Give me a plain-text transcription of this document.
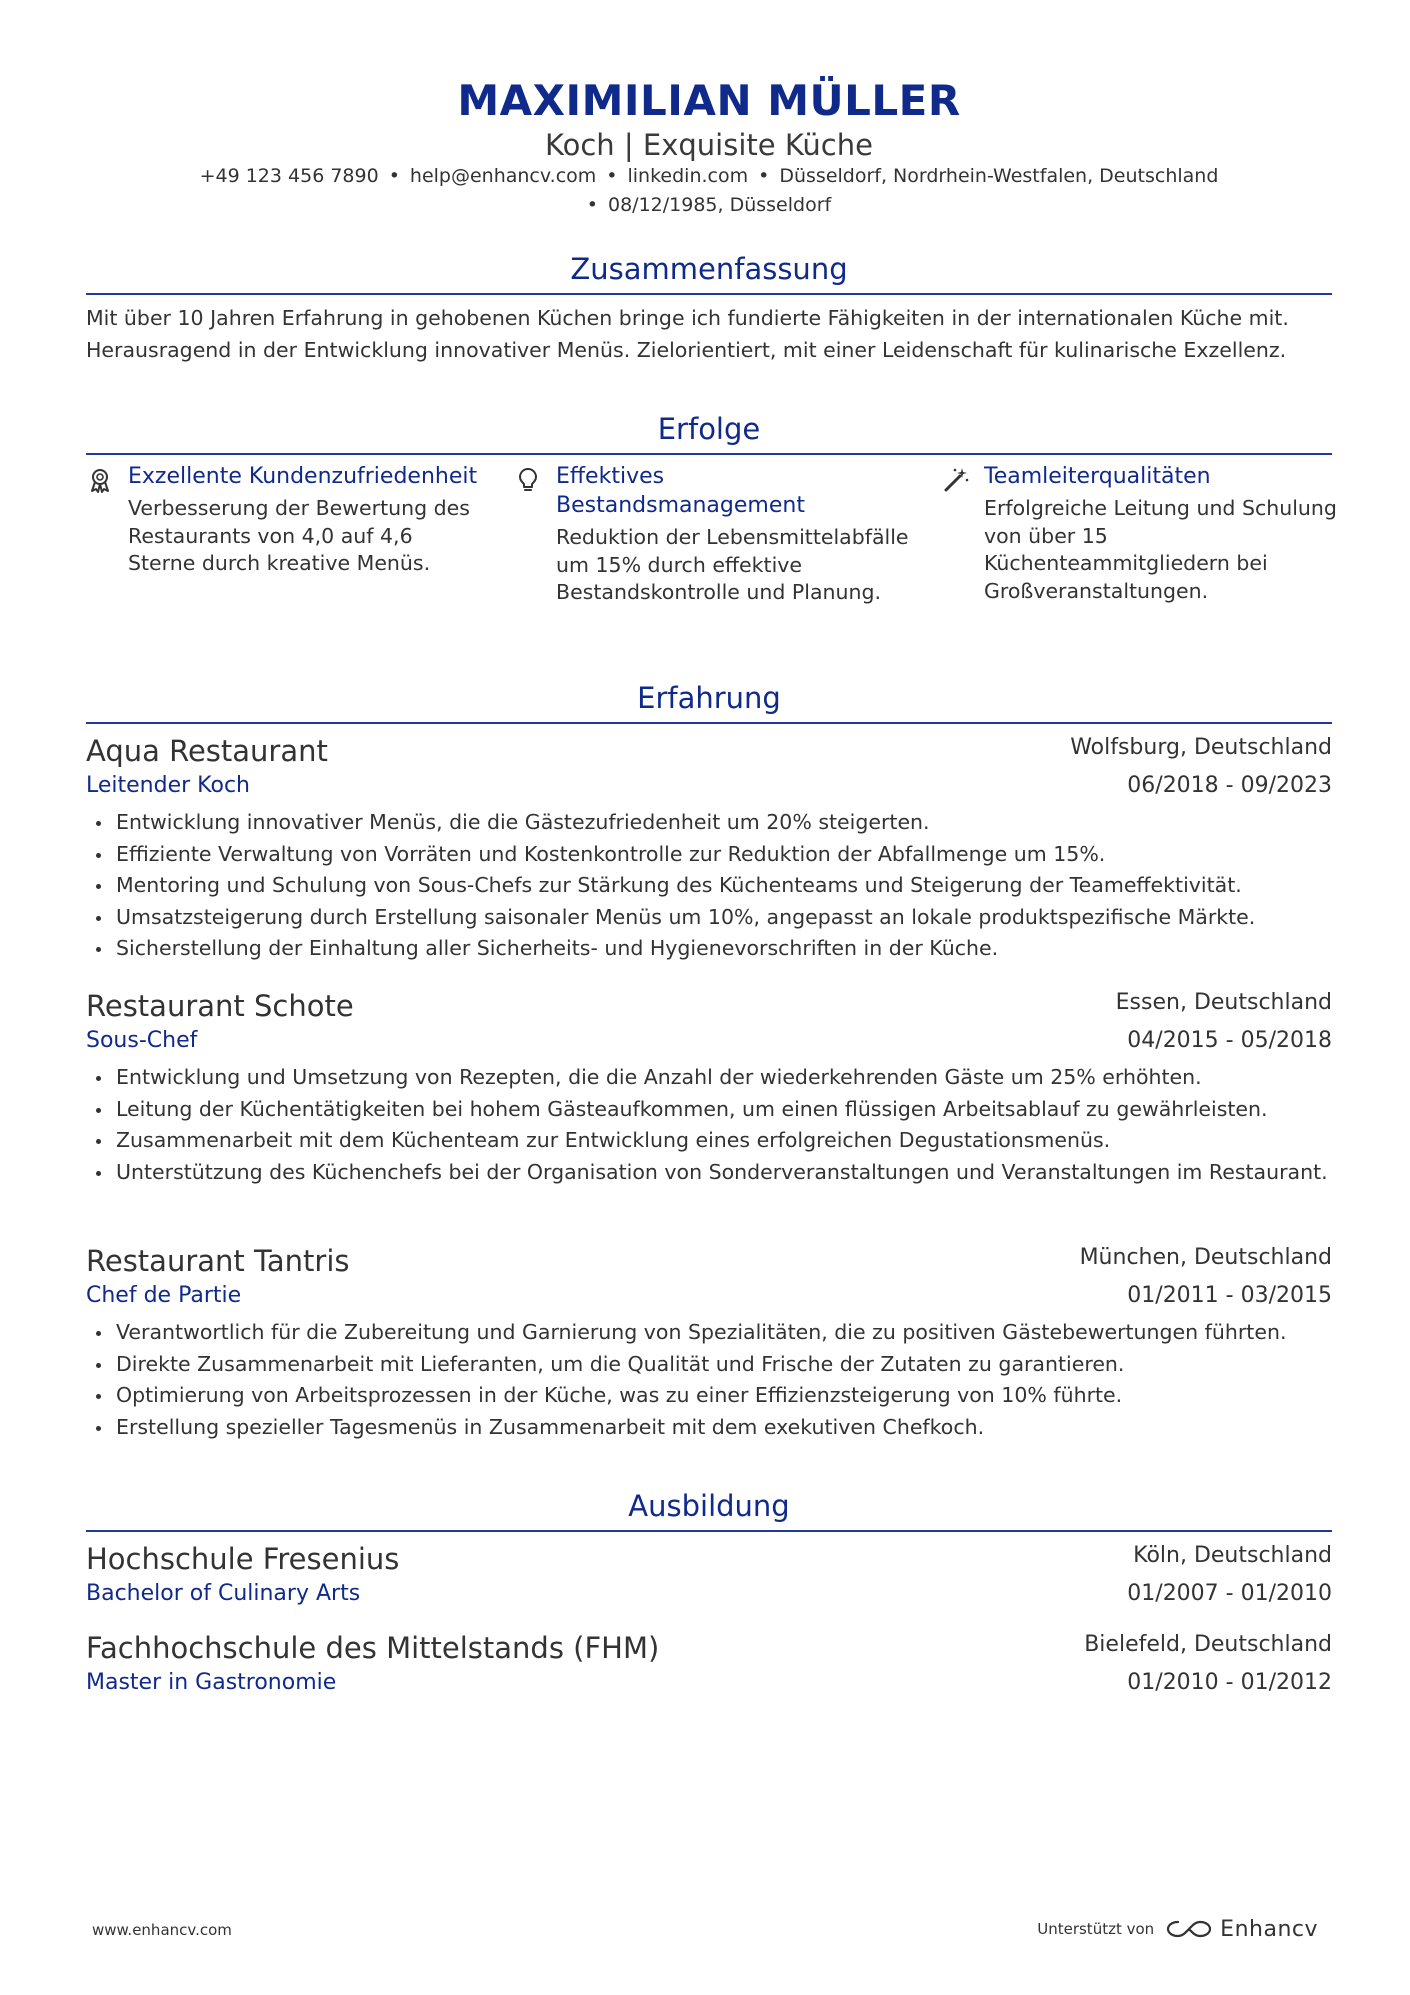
MAXIMILIAN MÜLLER
Koch | Exquisite Küche
+49 123 456 7890 • help@enhancv.com • linkedin.com • Düsseldorf, Nordrhein-Westfalen, Deutschland
• 08/12/1985, Düsseldorf
Zusammenfassung
Mit über 10 Jahren Erfahrung in gehobenen Küchen bringe ich fundierte Fähigkeiten in der internationalen Küche mit. Herausragend in der Entwicklung innovativer Menüs. Zielorientiert, mit einer Leidenschaft für kulinarische Exzellenz.
Erfolge
Exzellente Kundenzufriedenheit
Verbesserung der Bewertung des Restaurants von 4,0 auf 4,6 Sterne durch kreative Menüs.
Effektives Bestandsmanagement
Reduktion der Lebensmittelabfälle um 15% durch effektive Bestandskontrolle und Planung.
Teamleiterqualitäten
Erfolgreiche Leitung und Schulung von über 15 Küchenteammitgliedern bei Großveranstaltungen.
Erfahrung
Aqua Restaurant	Wolfsburg, Deutschland
Leitender Koch	06/2018 - 09/2023
Entwicklung innovativer Menüs, die die Gästezufriedenheit um 20% steigerten.
Effiziente Verwaltung von Vorräten und Kostenkontrolle zur Reduktion der Abfallmenge um 15%.
Mentoring und Schulung von Sous-Chefs zur Stärkung des Küchenteams und Steigerung der Teameffektivität.
Umsatzsteigerung durch Erstellung saisonaler Menüs um 10%, angepasst an lokale produktspezifische Märkte.
Sicherstellung der Einhaltung aller Sicherheits- und Hygienevorschriften in der Küche.
Restaurant Schote	Essen, Deutschland
Sous-Chef	04/2015 - 05/2018
Entwicklung und Umsetzung von Rezepten, die die Anzahl der wiederkehrenden Gäste um 25% erhöhten.
Leitung der Küchentätigkeiten bei hohem Gästeaufkommen, um einen flüssigen Arbeitsablauf zu gewährleisten.
Zusammenarbeit mit dem Küchenteam zur Entwicklung eines erfolgreichen Degustationsmenüs.
Unterstützung des Küchenchefs bei der Organisation von Sonderveranstaltungen und Veranstaltungen im Restaurant.
Restaurant Tantris	München, Deutschland
Chef de Partie	01/2011 - 03/2015
Verantwortlich für die Zubereitung und Garnierung von Spezialitäten, die zu positiven Gästebewertungen führten.
Direkte Zusammenarbeit mit Lieferanten, um die Qualität und Frische der Zutaten zu garantieren.
Optimierung von Arbeitsprozessen in der Küche, was zu einer Effizienzsteigerung von 10% führte.
Erstellung spezieller Tagesmenüs in Zusammenarbeit mit dem exekutiven Chefkoch.
Ausbildung
Hochschule Fresenius	Köln, Deutschland
Bachelor of Culinary Arts	01/2007 - 01/2010
Fachhochschule des Mittelstands (FHM)	Bielefeld, Deutschland
Master in Gastronomie	01/2010 - 01/2012
www.enhancv.com	Unterstützt von	Enhancv
